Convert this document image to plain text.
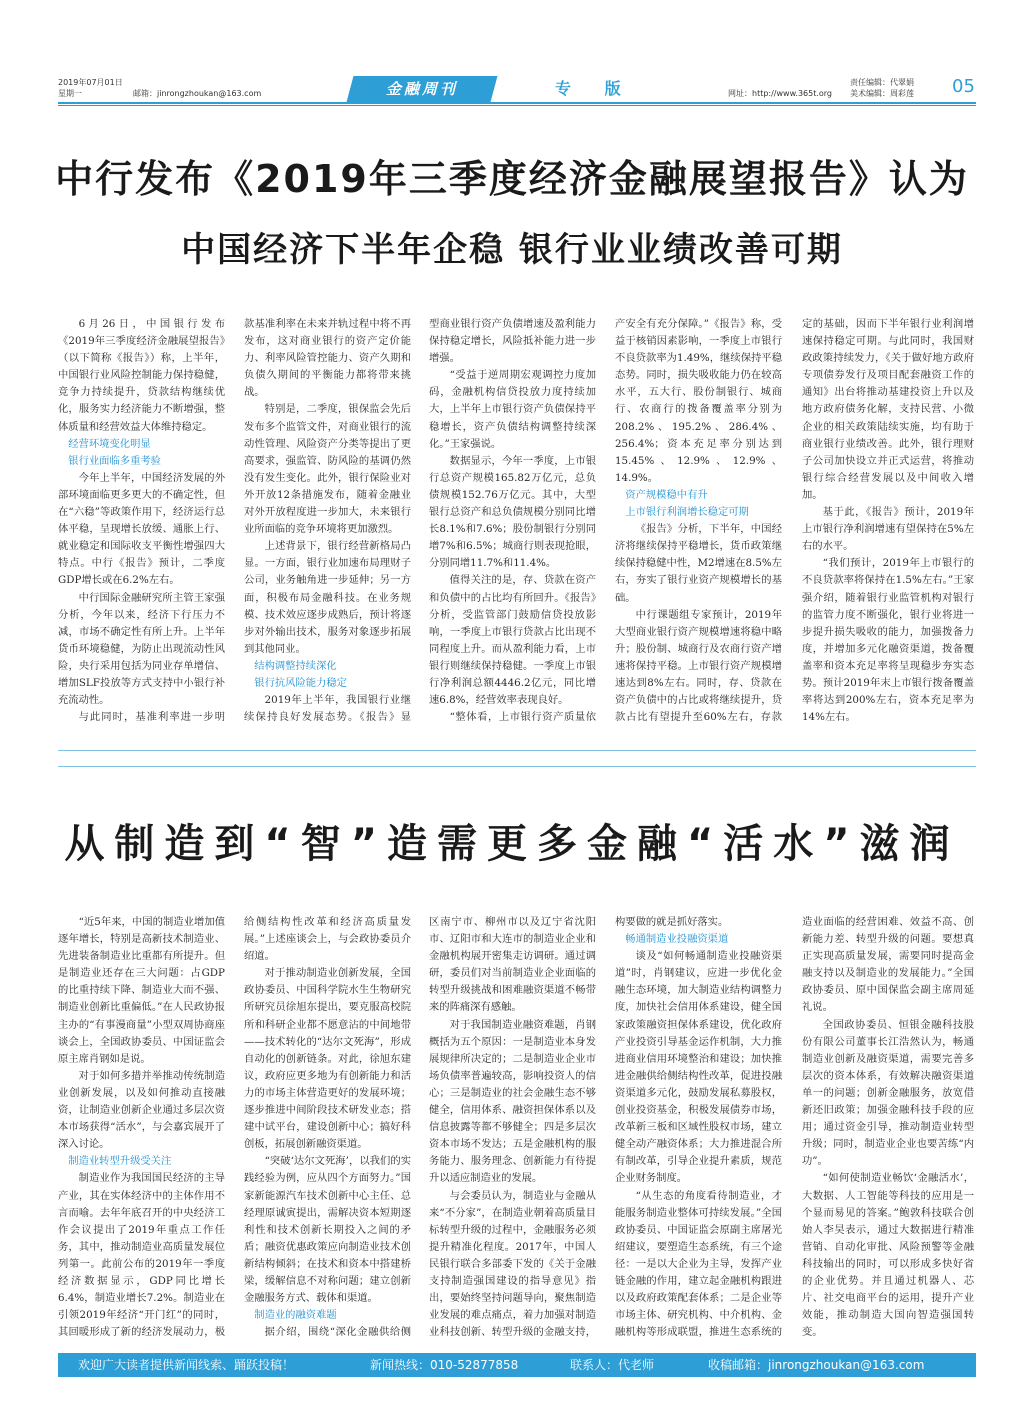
2019年07月01日
星期一	邮箱：jinrongzhoukan@163.com	金融周刊	专 版	网址：http://www.365t.org
责任编辑：代翠娟
美术编辑：周彩莲 05
中行发布《2019年三季度经济金融展望报告》认为
中国经济下半年企稳 银行业业绩改善可期

6月26日，中国银行发布《2019年三季度经济金融展望报告》（以下简称《报告》）称，上半年，中国银行业风险控制能力保持稳健，竞争力持续提升，贷款结构继续优化，服务实力经济能力不断增强，整体质量和经营效益大体维持稳定。

经营环境变化明显
银行业面临多重考验

今年上半年，中国经济发展的外部环境面临更多更大的不确定性，但在“六稳”等政策作用下，经济运行总体平稳，呈现增长放缓、通胀上行、就业稳定和国际收支平衡性增强四大特点。中行《报告》预计，二季度GDP增长或在6.2%左右。

中行国际金融研究所主管王家强分析，今年以来，经济下行压力不减，市场不确定性有所上升。上半年货币环境稳健，为防止出现流动性风险，央行采用包括为同业存单增信、增加SLF投放等方式支持中小银行补充流动性。

与此同时，基准利率进一步明

款基准利率在未来并轨过程中将不再发布，这对商业银行的资产定价能力、利率风险管控能力、资产久期和负债久期间的平衡能力都将带来挑战。

特别是，二季度，银保监会先后发布多个监管文件，对商业银行的流动性管理、风险资产分类等提出了更高要求，强监管、防风险的基调仍然没有发生变化。此外，银行保险业对外开放12条措施发布，随着金融业对外开放程度进一步加大，未来银行业所面临的竞争环境将更加激烈。

上述背景下，银行经营新格局凸显。一方面，银行业加速布局理财子公司，业务触角进一步延伸；另一方面，积极布局金融科技。在业务规模、技术效应逐步成熟后，预计将逐步对外输出技术，服务对象逐步拓展到其他同业。

结构调整持续深化
银行抗风险能力稳定

2019年上半年，我国银行业继续保持良好发展态势。《报告》显

型商业银行资产负债增速及盈利能力保持稳定增长，风险抵补能力进一步增强。

“受益于逆周期宏观调控力度加码，金融机构信贷投放力度持续加大，上半年上市银行资产负债保持平稳增长，资产负债结构调整持续深化。”王家强说。

数据显示，今年一季度，上市银行总资产规模165.82万亿元，总负债规模152.76万亿元。其中，大型银行总资产和总负债规模分别同比增长8.1%和7.6%；股份制银行分别同增7%和6.5%；城商行则表现抢眼，分别同增11.7%和11.4%。

值得关注的是，存、贷款在资产和负债中的占比均有所回升。《报告》分析，受监管部门鼓励信贷投放影响，一季度上市银行贷款占比出现不同程度上升。而从盈利能力看，上市银行则继续保持稳健。一季度上市银行净利润总额4446.2亿元，同比增速6.8%，经营效率表现良好。

“整体看，上市银行资产质量依

产安全有充分保障。”《报告》称，受益于核销因素影响，一季度上市银行不良贷款率为1.49%，继续保持平稳态势。同时，损失吸收能力仍在较高水平，五大行、股份制银行、城商行、农商行的拨备覆盖率分别为208.2%、195.2%、286.4%、256.4%；资本充足率分别达到15.45%、12.9%、12.9%、14.9%。

资产规模稳中有升
上市银行利润增长稳定可期

《报告》分析，下半年，中国经济将继续保持平稳增长，货币政策继续保持稳健中性，M2增速在8.5%左右，夯实了银行业资产规模增长的基础。

中行课题组专家预计，2019年大型商业银行资产规模增速将稳中略升；股份制、城商行及农商行资产增速将保持平稳。上市银行资产规模增速达到8%左右。同时，存、贷款在资产负债中的占比或将继续提升，贷款占比有望提升至60%左右，存款

定的基础，因而下半年银行业利润增速保持稳定可期。与此同时，我国财政政策持续发力，《关于做好地方政府专项债券发行及项目配套融资工作的通知》出台将推动基建投资上升以及地方政府债务化解，支持民营、小微企业的相关政策陆续实施，均有助于商业银行业绩改善。此外，银行理财子公司加快设立并正式运营，将推动银行综合经营发展以及中间收入增加。

基于此，《报告》预计，2019年上市银行净利润增速有望保持在5%左右的水平。

“我们预计，2019年上市银行的不良贷款率将保持在1.5%左右。”王家强介绍，随着银行业监管机构对银行的监管力度不断强化，银行业将进一步提升损失吸收的能力，加强拨备力度，并增加多元化融资渠道，拨备覆盖率和资本充足率将呈现稳步夯实态势。预计2019年末上市银行拨备覆盖率将达到200%左右，资本充足率为14%左右。

从制造到“智”造需更多金融“活水”滋润

“近5年来，中国的制造业增加值逐年增长，特别是高新技术制造业、先进装备制造业比重都有所提升。但是制造业还存在三大问题：占GDP的比重持续下降、制造业大而不强、制造业创新比重偏低。”在人民政协报主办的“有事漫商量”小型双周协商座谈会上，全国政协委员、中国证监会原主席肖钢如是说。

对于如何多措并举推动传统制造业创新发展，以及如何推动直接融资，让制造业创新企业通过多层次资本市场获得“活水”，与会嘉宾展开了深入讨论。

制造业转型升级受关注

制造业作为我国国民经济的主导产业，其在实体经济中的主体作用不言而喻。去年年底召开的中央经济工作会议提出了2019年重点工作任务，其中，推动制造业高质量发展位列第一。此前公布的2019年一季度经济数据显示，GDP同比增长6.4%，制造业增长7.2%。制造业在引领2019年经济“开门红”的同时，其回暖形成了新的经济发展动力，极

给侧结构性改革和经济高质量发展。”上述座谈会上，与会政协委员介绍道。

对于推动制造业创新发展，全国政协委员、中国科学院水生生物研究所研究员徐旭东提出，要克服高校院所和科研企业都不愿意沾的中间地带——技术转化的“达尔文死海”，形成自动化的创新链条。对此，徐旭东建议，政府应更多地为有创新能力和活力的市场主体营造更好的发展环境；逐步推进中间阶段技术研发业态；搭建中试平台，建设创新中心；搞好科创板，拓展创新融资渠道。

“突破‘达尔文死海’，以我们的实践经验为例，应从四个方面努力。”国家新能源汽车技术创新中心主任、总经理原诚寅提出，需解决资本短期逐利性和技术创新长期投入之间的矛盾；融资优惠政策应向制造业技术创新结构倾斜；在技术和资本中搭建桥梁，缓解信息不对称问题；建立创新金融服务方式、载体和渠道。

制造业的融资难题

据介绍，围绕“深化金融供给侧

区南宁市、柳州市以及辽宁省沈阳市、辽阳市和大连市的制造业企业和金融机构展开密集走访调研。通过调研，委员们对当前制造业企业面临的转型升级挑战和困难融资渠道不畅带来的阵痛深有感触。

对于我国制造业融资难题，肖钢概括为五个原因：一是制造业本身发展规律所决定的；二是制造业企业市场负债率普遍较高，影响投资人的信心；三是制造业的社会金融生态不够健全，信用体系、融资担保体系以及信息披露等都不够健全；四是多层次资本市场不发达；五是金融机构的服务能力、服务理念、创新能力有待提升以适应制造业的发展。

与会委员认为，制造业与金融从来“不分家”，在制造业朝着高质量目标转型升级的过程中，金融服务必须提升精准化程度。2017年，中国人民银行联合多部委下发的《关于金融支持制造强国建设的指导意见》指出，要始终坚持问题导向，聚焦制造业发展的难点痛点，着力加强对制造业科技创新、转型升级的金融支持，

构要做的就是抓好落实。

畅通制造业投融资渠道

谈及“如何畅通制造业投融资渠道”时，肖钢建议，应进一步优化金融生态环境，加大制造业结构调整力度，加快社会信用体系建设，健全国家政策融资担保体系建设，优化政府产业投资引导基金运作机制，大力推进商业信用环境整治和建设；加快推进金融供给侧结构性改革，促进投融资渠道多元化，鼓励发展私募股权，创业投资基金，积极发展债券市场，改革新三板和区域性股权市场，建立健全动产融资体系；大力推进混合所有制改革，引导企业提升素质，规范企业财务制度。

“从生态的角度看待制造业，才能服务制造业整体可持续发展。”全国政协委员、中国证监会原副主席屠光绍建议，要塑造生态系统，有三个途径：一是以大企业为主导，发挥产业链金融的作用，建立起金融机构跟进以及政府政策配套体系；二是企业等市场主体、研究机构、中介机构、金融机构等形成联盟，推进生态系统的

造业面临的经营困难、效益不高、创新能力差、转型升级的问题。要想真正实现高质量发展，需要同时提高金融支持以及制造业的发展能力。”全国政协委员、原中国保监会副主席周延礼说。

全国政协委员、恒银金融科技股份有限公司董事长江浩然认为，畅通制造业创新及融资渠道，需要完善多层次的资本体系，有效解决融资渠道单一的问题；创新金融服务，放宽借新还旧政策；加强金融科技手段的应用；通过资金引导，推动制造业转型升级；同时，制造业企业也要苦练“内功”。

“如何使制造业畅饮‘金融活水’，大数据、人工智能等科技的应用是一个显而易见的答案。”鲍敦科技联合创始人李昊表示，通过大数据进行精准营销、自动化审批、风险预警等金融科技输出的同时，可以形成多快好省的企业优势。并且通过机器人、芯片、社交电商平台的运用，提升产业效能，推动制造大国向智造强国转变。

欢迎广大读者提供新闻线索、踊跃投稿！	新闻热线：010-52877858	联系人：代老师	收稿邮箱：jinrongzhoukan@163.com
